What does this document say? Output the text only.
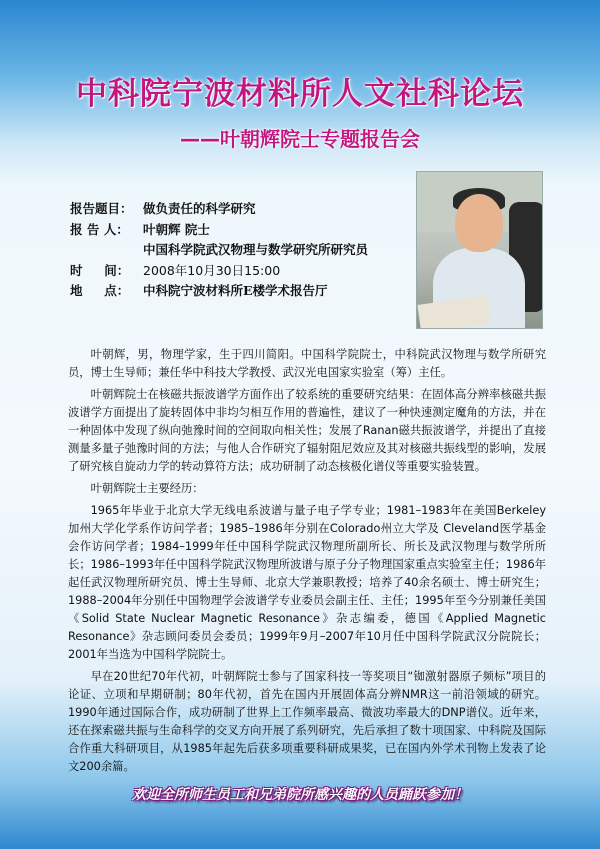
中科院宁波材料所人文社科论坛
——叶朝辉院士专题报告会
报告题目： 做负责任的科学研究
报 告 人：	叶朝辉 院士
中国科学院武汉物理与数学研究所研究员
时     间：	2008年10月30日15:00
地     点：	中科院宁波材料所E楼学术报告厅

叶朝辉，男，物理学家，生于四川简阳。中国科学院院士，中科院武汉物理与数学所研究员，博士生导师；兼任华中科技大学教授、武汉光电国家实验室（筹）主任。

叶朝辉院士在核磁共振波谱学方面作出了较系统的重要研究结果：在固体高分辨率核磁共振波谱学方面提出了旋转固体中非均匀相互作用的普遍性，建议了一种快速测定魔角的方法，并在一种固体中发现了纵向弛豫时间的空间取向相关性；发展了Ranan磁共振波谱学，并提出了直接测量多量子弛豫时间的方法；与他人合作研究了辐射阻尼效应及其对核磁共振线型的影响，发展了研究核自旋动力学的转动算符方法；成功研制了动态核极化谱仪等重要实验装置。

叶朝辉院士主要经历：

1965年毕业于北京大学无线电系波谱与量子电子学专业；1981–1983年在美国Berkeley 加州大学化学系作访问学者；1985–1986年分别在Colorado州立大学及 Cleveland医学基金会作访问学者；1984–1999年任中国科学院武汉物理所副所长、所长及武汉物理与数学所所长；1986–1993年任中国科学院武汉物理所波谱与原子分子物理国家重点实验室主任；1986年起任武汉物理所研究员、博士生导师、北京大学兼职教授；培养了40余名硕士、博士研究生；1988–2004年分别任中国物理学会波谱学专业委员会副主任、主任；1995年至今分别兼任美国《Solid State Nuclear Magnetic Resonance》杂志编委，德国《Applied Magnetic Resonance》杂志顾问委员会委员；1999年9月–2007年10月任中国科学院武汉分院院长；2001年当选为中国科学院院士。

早在20世纪70年代初，叶朝辉院士参与了国家科技一等奖项目“铷激射器原子频标”项目的论证、立项和早期研制；80年代初，首先在国内开展固体高分辨NMR这一前沿领域的研究。1990年通过国际合作，成功研制了世界上工作频率最高、微波功率最大的DNP谱仪。近年来，还在探索磁共振与生命科学的交叉方向开展了系列研究，先后承担了数十项国家、中科院及国际合作重大科研项目，从1985年起先后获多项重要科研成果奖，已在国内外学术刊物上发表了论文200余篇。

欢迎全所师生员工和兄弟院所感兴趣的人员踊跃参加！
